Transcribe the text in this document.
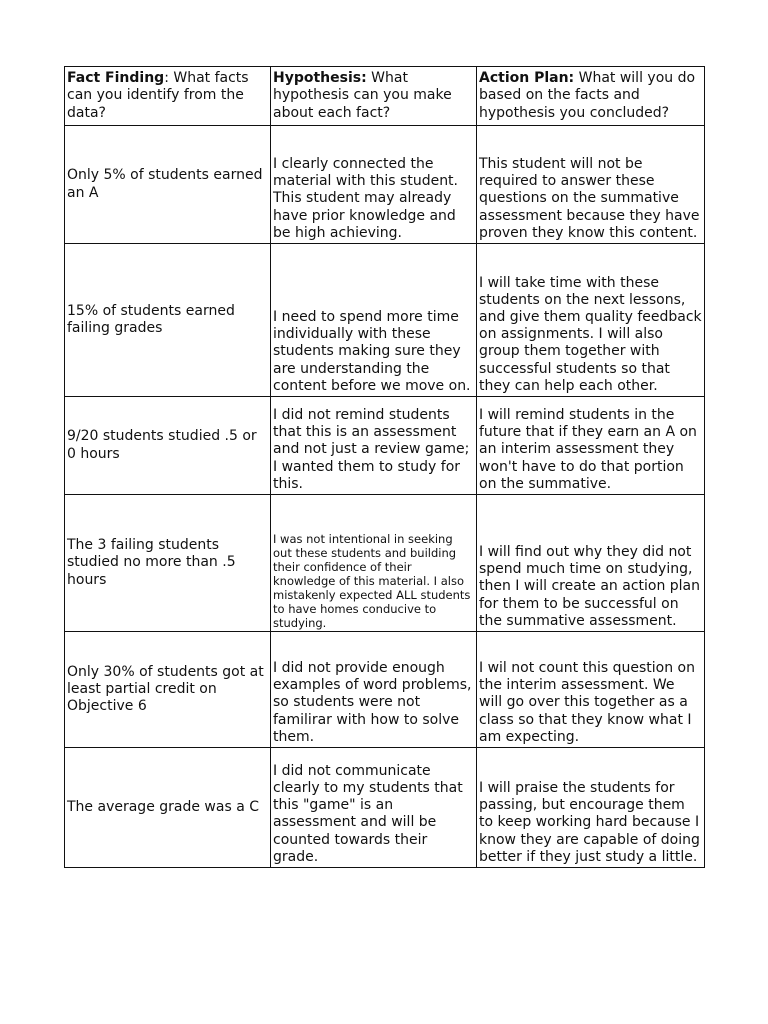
Fact Finding: What facts can you identify from the data?	Hypothesis: What hypothesis can you make about each fact?	Action Plan: What will you do based on the facts and hypothesis you concluded?
Only 5% of students earned an A	I clearly connected the material with this student. This student may already have prior knowledge and be high achieving.	This student will not be required to answer these questions on the summative assessment because they have proven they know this content.
15% of students earned failing grades	I need to spend more time individually with these students making sure they are understanding the content before we move on.	I will take time with these students on the next lessons, and give them quality feedback on assignments. I will also group them together with successful students so that they can help each other.
9/20 students studied .5 or 0 hours	I did not remind students that this is an assessment and not just a review game; I wanted them to study for this.	I will remind students in the future that if they earn an A on an interim assessment they won't have to do that portion on the summative.
The 3 failing students studied no more than .5 hours	I was not intentional in seeking out these students and building their confidence of their knowledge of this material. I also mistakenly expected ALL students to have homes conducive to studying.	I will find out why they did not spend much time on studying, then I will create an action plan for them to be successful on the summative assessment.
Only 30% of students got at least partial credit on Objective 6	I did not provide enough examples of word problems, so students were not familirar with how to solve them.	I wil not count this question on the interim assessment. We will go over this together as a class so that they know what I am expecting.
The average grade was a C	I did not communicate clearly to my students that this "game" is an assessment and will be counted towards their grade.	I will praise the students for passing, but encourage them to keep working hard because I know they are capable of doing better if they just study a little.
